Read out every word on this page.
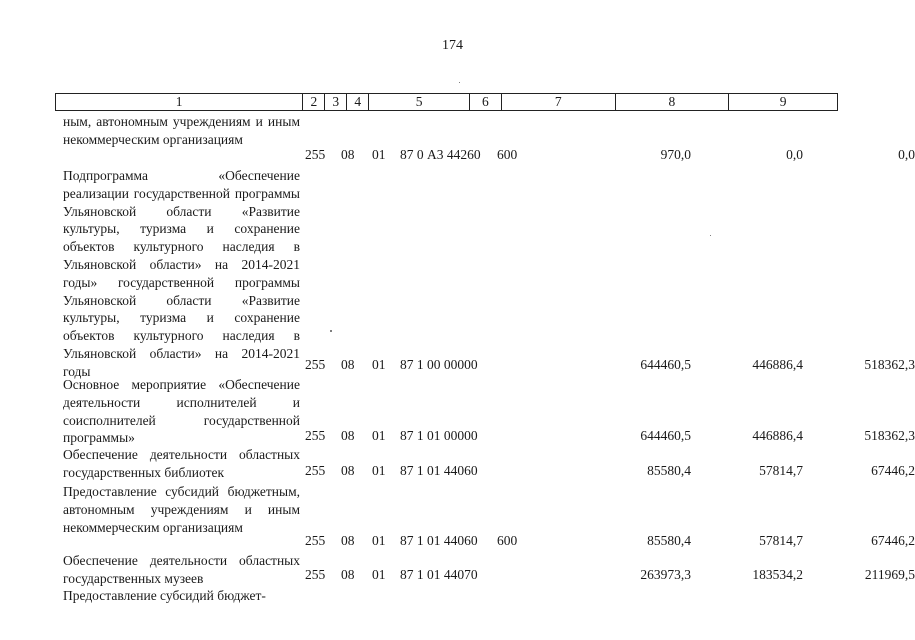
174
1	2	3	4	5	6	7	8	9
ным, автономным учреждениям и иным некоммерческим организациям
255 08 01 87 0 А3 44260 600	970,0	0,0	0,0
Подпрограмма «Обеспечение реализации государственной программы Ульяновской области «Развитие культуры, туризма и сохранение объектов культурного наследия в Ульяновской области» на 2014-2021 годы» государственной программы Ульяновской области «Развитие культуры, туризма и сохранение объектов культурного наследия в Ульяновской области» на 2014-2021 годы	255 08 01 87 1 00 00000	644460,5	446886,4	518362,3
Основное мероприятие «Обеспечение деятельности исполнителей и соисполнителей государственной программы»	255 08 01 87 1 01 00000	644460,5	446886,4	518362,3
Обеспечение деятельности областных государственных библиотек	255 08 01 87 1 01 44060	85580,4	57814,7	67446,2
Предоставление субсидий бюджетным, автономным учреждениям и иным некоммерческим организациям
255 08 01 87 1 01 44060 600	85580,4	57814,7	67446,2
Обеспечение деятельности областных государственных музеев	255 08 01 87 1 01 44070	263973,3	183534,2	211969,5
Предоставление субсидий бюджет-
